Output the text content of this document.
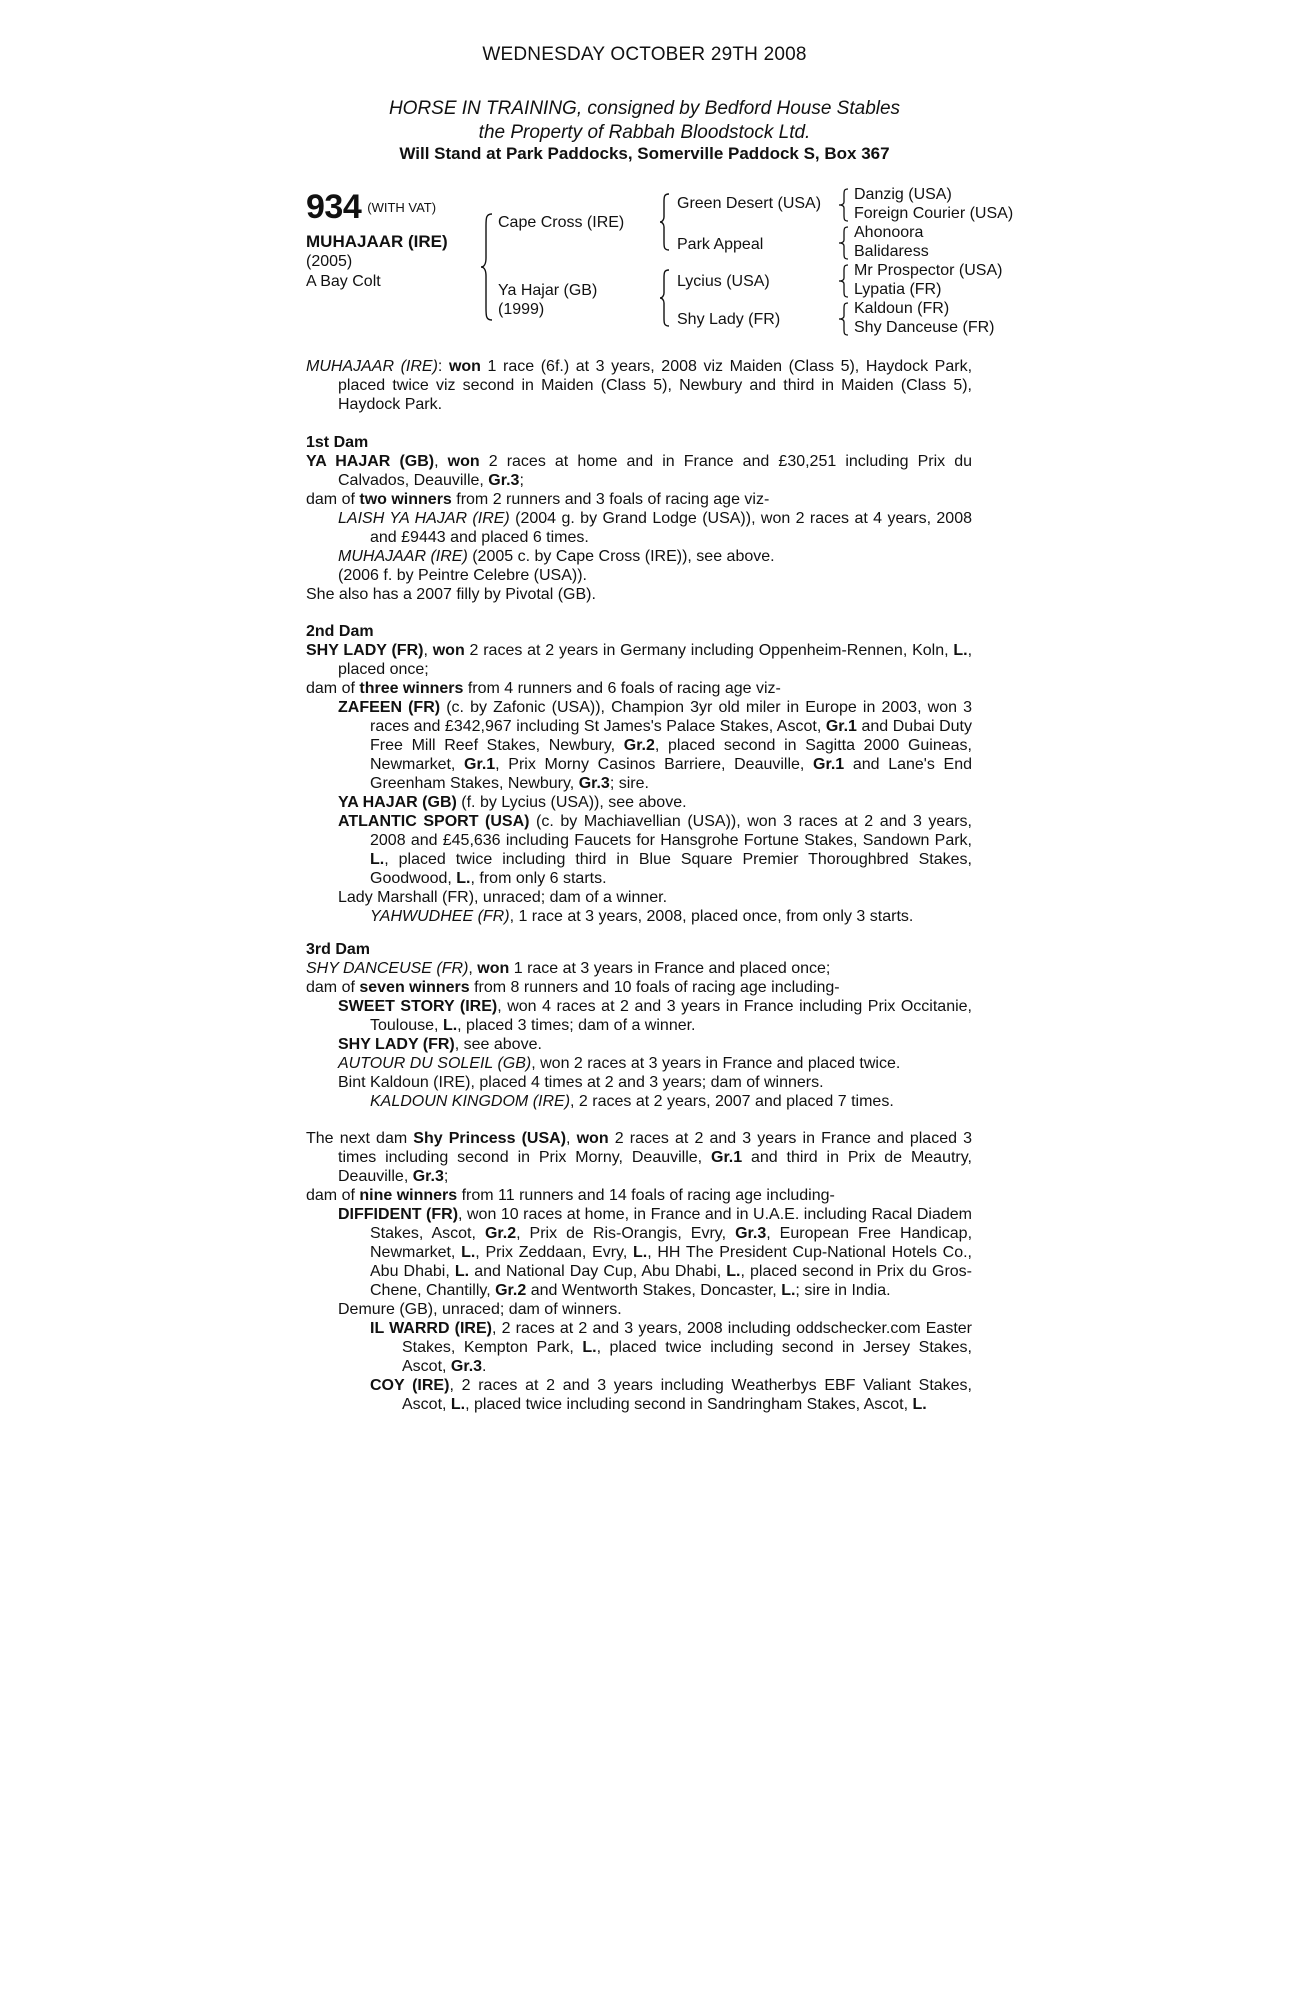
WEDNESDAY OCTOBER 29TH 2008
HORSE IN TRAINING, consigned by Bedford House Stables
the Property of Rabbah Bloodstock Ltd.
Will Stand at Park Paddocks, Somerville Paddock S, Box 367
934 $^{(WITH VAT)}$
MUHAJAAR (IRE)
(2005)
A Bay Colt
Cape Cross (IRE)
Ya Hajar (GB)
(1999)
Green Desert (USA)
Park Appeal
Lycius (USA)
Shy Lady (FR)
Danzig (USA)
Foreign Courier (USA)
Ahonoora
Balidaress
Mr Prospector (USA)
Lypatia (FR)
Kaldoun (FR)
Shy Danceuse (FR)

MUHAJAAR (IRE): won 1 race (6f.) at 3 years, 2008 viz Maiden (Class 5), Haydock Park, placed twice viz second in Maiden (Class 5), Newbury and third in Maiden (Class 5), Haydock Park.

1st Dam

YA HAJAR (GB), won 2 races at home and in France and £30,251 including Prix du Calvados, Deauville, Gr.3;

dam of two winners from 2 runners and 3 foals of racing age viz-

LAISH YA HAJAR (IRE) (2004 g. by Grand Lodge (USA)), won 2 races at 4 years, 2008 and £9443 and placed 6 times.

MUHAJAAR (IRE) (2005 c. by Cape Cross (IRE)), see above.

(2006 f. by Peintre Celebre (USA)).

She also has a 2007 filly by Pivotal (GB).

2nd Dam

SHY LADY (FR), won 2 races at 2 years in Germany including Oppenheim-Rennen, Koln, L., placed once;

dam of three winners from 4 runners and 6 foals of racing age viz-

ZAFEEN (FR) (c. by Zafonic (USA)), Champion 3yr old miler in Europe in 2003, won 3 races and £342,967 including St James's Palace Stakes, Ascot, Gr.1 and Dubai Duty Free Mill Reef Stakes, Newbury, Gr.2, placed second in Sagitta 2000 Guineas, Newmarket, Gr.1, Prix Morny Casinos Barriere, Deauville, Gr.1 and Lane's End Greenham Stakes, Newbury, Gr.3; sire.

YA HAJAR (GB) (f. by Lycius (USA)), see above.

ATLANTIC SPORT (USA) (c. by Machiavellian (USA)), won 3 races at 2 and 3 years, 2008 and £45,636 including Faucets for Hansgrohe Fortune Stakes, Sandown Park, L., placed twice including third in Blue Square Premier Thoroughbred Stakes, Goodwood, L., from only 6 starts.

Lady Marshall (FR), unraced; dam of a winner.

YAHWUDHEE (FR), 1 race at 3 years, 2008, placed once, from only 3 starts.

3rd Dam

SHY DANCEUSE (FR), won 1 race at 3 years in France and placed once;

dam of seven winners from 8 runners and 10 foals of racing age including-

SWEET STORY (IRE), won 4 races at 2 and 3 years in France including Prix Occitanie, Toulouse, L., placed 3 times; dam of a winner.

SHY LADY (FR), see above.

AUTOUR DU SOLEIL (GB), won 2 races at 3 years in France and placed twice.

Bint Kaldoun (IRE), placed 4 times at 2 and 3 years; dam of winners.

KALDOUN KINGDOM (IRE), 2 races at 2 years, 2007 and placed 7 times.

The next dam Shy Princess (USA), won 2 races at 2 and 3 years in France and placed 3 times including second in Prix Morny, Deauville, Gr.1 and third in Prix de Meautry, Deauville, Gr.3;

dam of nine winners from 11 runners and 14 foals of racing age including-

DIFFIDENT (FR), won 10 races at home, in France and in U.A.E. including Racal Diadem Stakes, Ascot, Gr.2, Prix de Ris-Orangis, Evry, Gr.3, European Free Handicap, Newmarket, L., Prix Zeddaan, Evry, L., HH The President Cup-National Hotels Co., Abu Dhabi, L. and National Day Cup, Abu Dhabi, L., placed second in Prix du Gros-Chene, Chantilly, Gr.2 and Wentworth Stakes, Doncaster, L.; sire in India.

Demure (GB), unraced; dam of winners.

IL WARRD (IRE), 2 races at 2 and 3 years, 2008 including oddschecker.com Easter Stakes, Kempton Park, L., placed twice including second in Jersey Stakes, Ascot, Gr.3.

COY (IRE), 2 races at 2 and 3 years including Weatherbys EBF Valiant Stakes, Ascot, L., placed twice including second in Sandringham Stakes, Ascot, L.
